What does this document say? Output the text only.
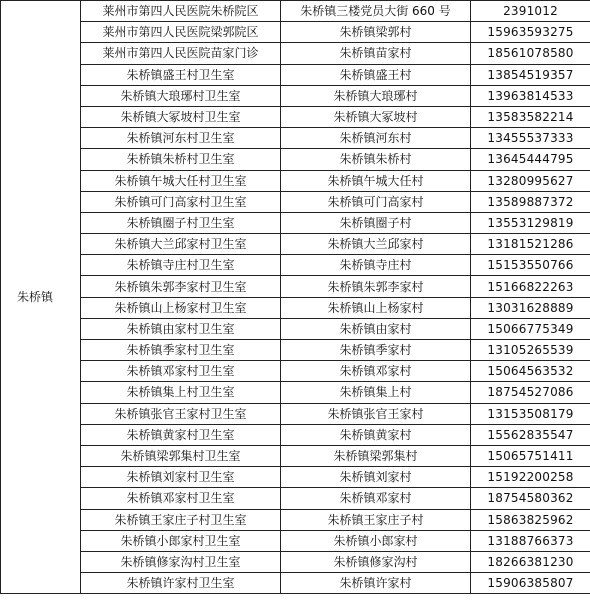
朱桥镇	莱州市第四人民医院朱桥院区	朱桥镇三楼党员大街 660 号	2391012
	莱州市第四人民医院梁郭院区	朱桥镇梁郭村	15963593275
	莱州市第四人民医院苗家门诊	朱桥镇苗家村	18561078580
	朱桥镇盛王村卫生室	朱桥镇盛王村	13854519357
	朱桥镇大琅琊村卫生室	朱桥镇大琅琊村	13963814533
	朱桥镇大冢坡村卫生室	朱桥镇大冢坡村	13583582214
	朱桥镇河东村卫生室	朱桥镇河东村	13455537333
	朱桥镇朱桥村卫生室	朱桥镇朱桥村	13645444795
	朱桥镇午城大任村卫生室	朱桥镇午城大任村	13280995627
	朱桥镇可门高家村卫生室	朱桥镇可门高家村	13589887372
	朱桥镇圈子村卫生室	朱桥镇圈子村	13553129819
	朱桥镇大兰邱家村卫生室	朱桥镇大兰邱家村	13181521286
	朱桥镇寺庄村卫生室	朱桥镇寺庄村	15153550766
	朱桥镇朱郭李家村卫生室	朱桥镇朱郭李家村	15166822263
	朱桥镇山上杨家村卫生室	朱桥镇山上杨家村	13031628889
	朱桥镇由家村卫生室	朱桥镇由家村	15066775349
	朱桥镇季家村卫生室	朱桥镇季家村	13105265539
	朱桥镇邓家村卫生室	朱桥镇邓家村	15064563532
	朱桥镇集上村卫生室	朱桥镇集上村	18754527086
	朱桥镇张官王家村卫生室	朱桥镇张官王家村	13153508179
	朱桥镇黄家村卫生室	朱桥镇黄家村	15562835547
	朱桥镇梁郭集村卫生室	朱桥镇梁郭集村	15065751411
	朱桥镇刘家村卫生室	朱桥镇刘家村	15192200258
	朱桥镇邓家村卫生室	朱桥镇邓家村	18754580362
	朱桥镇王家庄子村卫生室	朱桥镇王家庄子村	15863825962
	朱桥镇小郎家村卫生室	朱桥镇小郎家村	13188766373
	朱桥镇修家沟村卫生室	朱桥镇修家沟村	18266381230
	朱桥镇许家村卫生室	朱桥镇许家村	15906385807
